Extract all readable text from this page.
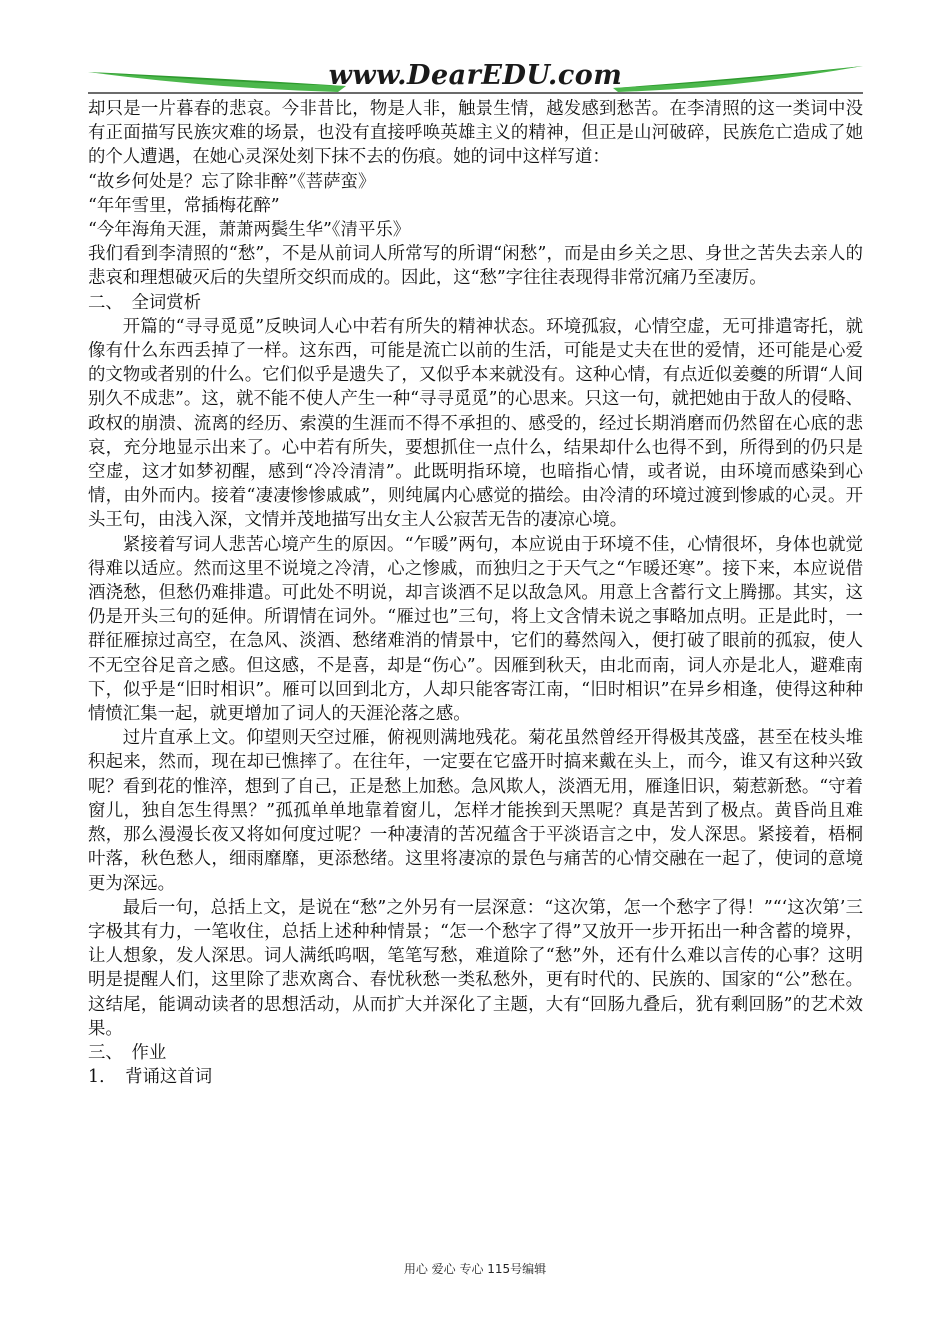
www.DearEDU.com

却只是一片暮春的悲哀。今非昔比，物是人非，触景生情，越发感到愁苦。在李清照的这一类词中没有正面描写民族灾难的场景，也没有直接呼唤英雄主义的精神，但正是山河破碎，民族危亡造成了她的个人遭遇，在她心灵深处刻下抹不去的伤痕。她的词中这样写道：

“故乡何处是？忘了除非醉”《菩萨蛮》

“年年雪里，常插梅花醉”

“今年海角天涯，萧萧两鬓生华”《清平乐》

我们看到李清照的“愁”，不是从前词人所常写的所谓“闲愁”，而是由乡关之思、身世之苦失去亲人的悲哀和理想破灭后的失望所交织而成的。因此，这“愁”字往往表现得非常沉痛乃至凄厉。

二、　全词赏析

开篇的“寻寻觅觅”反映词人心中若有所失的精神状态。环境孤寂，心情空虚，无可排遣寄托，就像有什么东西丢掉了一样。这东西，可能是流亡以前的生活，可能是丈夫在世的爱情，还可能是心爱的文物或者别的什么。它们似乎是遗失了，又似乎本来就没有。这种心情，有点近似姜夔的所谓“人间别久不成悲”。这，就不能不使人产生一种“寻寻觅觅”的心思来。只这一句，就把她由于敌人的侵略、政权的崩溃、流离的经历、索漠的生涯而不得不承担的、感受的，经过长期消磨而仍然留在心底的悲哀，充分地显示出来了。心中若有所失，要想抓住一点什么，结果却什么也得不到，所得到的仍只是空虚，这才如梦初醒，感到“冷冷清清”。此既明指环境，也暗指心情，或者说，由环境而感染到心情，由外而内。接着“凄凄惨惨戚戚”，则纯属内心感觉的描绘。由冷清的环境过渡到惨戚的心灵。开头王句，由浅入深，文情并茂地描写出女主人公寂苦无告的凄凉心境。

紧接着写词人悲苦心境产生的原因。“乍暖”两句，本应说由于环境不佳，心情很坏，身体也就觉得难以适应。然而这里不说境之冷清，心之惨戚，而独归之于天气之“乍暖还寒”。接下来，本应说借酒浇愁，但愁仍难排遣。可此处不明说，却言谈酒不足以敌急风。用意上含蓄行文上腾挪。其实，这仍是开头三句的延伸。所谓情在词外。“雁过也”三句，将上文含情未说之事略加点明。正是此时，一群征雁掠过高空，在急风、淡酒、愁绪难消的情景中，它们的蓦然闯入，便打破了眼前的孤寂，使人不无空谷足音之感。但这感，不是喜，却是“伤心”。因雁到秋天，由北而南，词人亦是北人，避难南下，似乎是“旧时相识”。雁可以回到北方，人却只能客寄江南，“旧时相识”在异乡相逢，使得这种种情愤汇集一起，就更增加了词人的天涯沦落之感。

过片直承上文。仰望则天空过雁，俯视则满地残花。菊花虽然曾经开得极其茂盛，甚至在枝头堆积起来，然而，现在却已憔摔了。在往年，一定要在它盛开时搞来戴在头上，而今，谁又有这种兴致呢？看到花的惟淬，想到了自己，正是愁上加愁。急风欺人，淡酒无用，雁逢旧识，菊惹新愁。“守着窗儿，独自怎生得黑？”孤孤单单地靠着窗儿，怎样才能挨到天黑呢？真是苦到了极点。黄昏尚且难熬，那么漫漫长夜又将如何度过呢？一种凄清的苦况蕴含于平淡语言之中，发人深思。紧接着，梧桐叶落，秋色愁人，细雨靡靡，更添愁绪。这里将凄凉的景色与痛苦的心情交融在一起了，使词的意境更为深远。

最后一句，总括上文，是说在“愁”之外另有一层深意：“这次第，怎一个愁字了得！”“‘这次第’三字极其有力，一笔收住，总括上述种种情景；“怎一个愁字了得”又放开一步开拓出一种含蓄的境界，让人想象，发人深思。词人满纸呜咽，笔笔写愁，难道除了“愁”外，还有什么难以言传的心事？这明明是提醒人们，这里除了悲欢离合、春忧秋愁一类私愁外，更有时代的、民族的、国家的“公”愁在。这结尾，能调动读者的思想活动，从而扩大并深化了主题，大有“回肠九叠后，犹有剩回肠”的艺术效果。

三、　作业

1．　背诵这首词

用心 爱心 专心 115号编辑
